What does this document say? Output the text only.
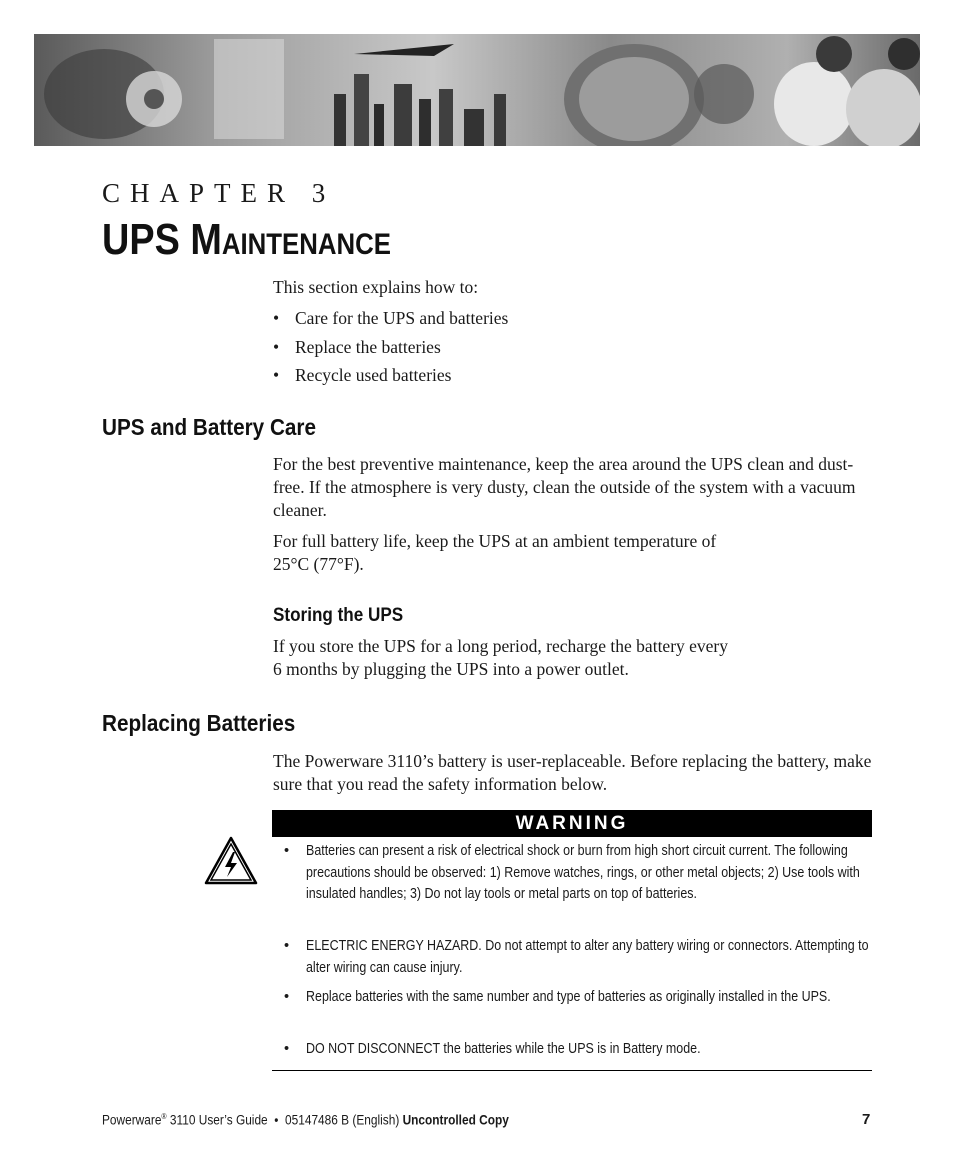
CHAPTER 3
UPS MAINTENANCE
This section explains how to:
• Care for the UPS and batteries
• Replace the batteries
• Recycle used batteries
UPS and Battery Care
For the best preventive maintenance, keep the area around the UPS clean and dust-free. If the atmosphere is very dusty, clean the outside of the system with a vacuum cleaner.
For full battery life, keep the UPS at an ambient temperature of
25°C (77°F).
Storing the UPS
If you store the UPS for a long period, recharge the battery every
6 months by plugging the UPS into a power outlet.
Replacing Batteries
The Powerware 3110’s battery is user-replaceable. Before replacing the battery, make sure that you read the safety information below.
WARNING
• Batteries can present a risk of electrical shock or burn from high short circuit current. The following precautions should be observed: 1) Remove watches, rings, or other metal objects; 2) Use tools with insulated handles; 3) Do not lay tools or metal parts on top of batteries.
• ELECTRIC ENERGY HAZARD. Do not attempt to alter any battery wiring or connectors. Attempting to alter wiring can cause injury.
• Replace batteries with the same number and type of batteries as originally installed in the UPS.
• DO NOT DISCONNECT the batteries while the UPS is in Battery mode.
Powerware® 3110 User’s Guide  •  05147486 B (English) Uncontrolled Copy	7
